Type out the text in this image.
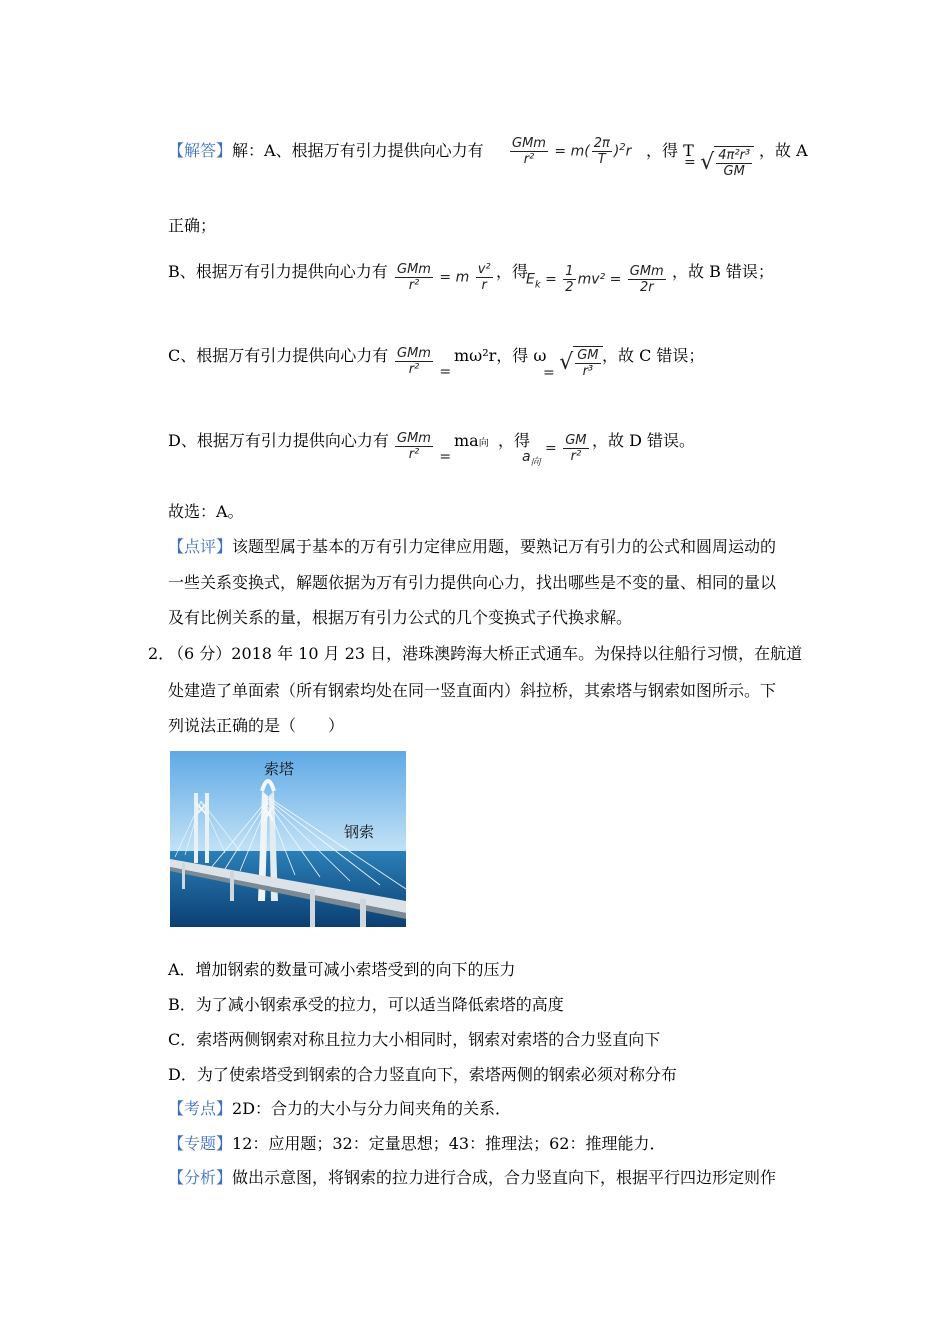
【解答】解：A、根据万有引力提供向心力有 $\frac{\text{GMm}}{\text{r²}} = m( \frac{2\pi}{T} )^2r$ ，得 T
= √ $\frac{\text{4π²r³}}{GM}$ ，故 A
正确；
B、根据万有引力提供向心力有 $\frac{\text{GMm}}{\text{r²}} = m \frac{\text{v²}}{r}$ ，得
$E_k = \frac{1}{2} mv^2 = \frac{\text{GMm}}{2r}$ ，故 B 错误；
C、根据万有引力提供向心力有 $\frac{\text{GMm}}{\text{r²}}$ =
mω²r，得 ω
= √ $\frac{GM}{\text{r³}}$ ，故 C 错误；
D、根据万有引力提供向心力有 $\frac{\text{GMm}}{\text{r²}}$ =
ma向 ，得
$a_向 = \frac{GM}{\text{r²}}$ ，故 D 错误。
故选：A。
【点评】该题型属于基本的万有引力定律应用题，要熟记万有引力的公式和圆周运动的
一些关系变换式，解题依据为万有引力提供向心力，找出哪些是不变的量、相同的量以
及有比例关系的量，根据万有引力公式的几个变换式子代换求解。
2．
（6 分）2018 年 10 月 23 日，港珠澳跨海大桥正式通车。为保持以往船行习惯，在航道
处建造了单面索（所有钢索均处在同一竖直面内）斜拉桥，其索塔与钢索如图所示。下
列说法正确的是（　　）
索塔
钢索
A．增加钢索的数量可减小索塔受到的向下的压力
B．为了减小钢索承受的拉力，可以适当降低索塔的高度
C．索塔两侧钢索对称且拉力大小相同时，钢索对索塔的合力竖直向下
D．为了使索塔受到钢索的合力竖直向下，索塔两侧的钢索必须对称分布
【考点】2D：合力的大小与分力间夹角的关系．
【专题】12：应用题；32：定量思想；43：推理法；62：推理能力．
【分析】做出示意图，将钢索的拉力进行合成，合力竖直向下，根据平行四边形定则作
